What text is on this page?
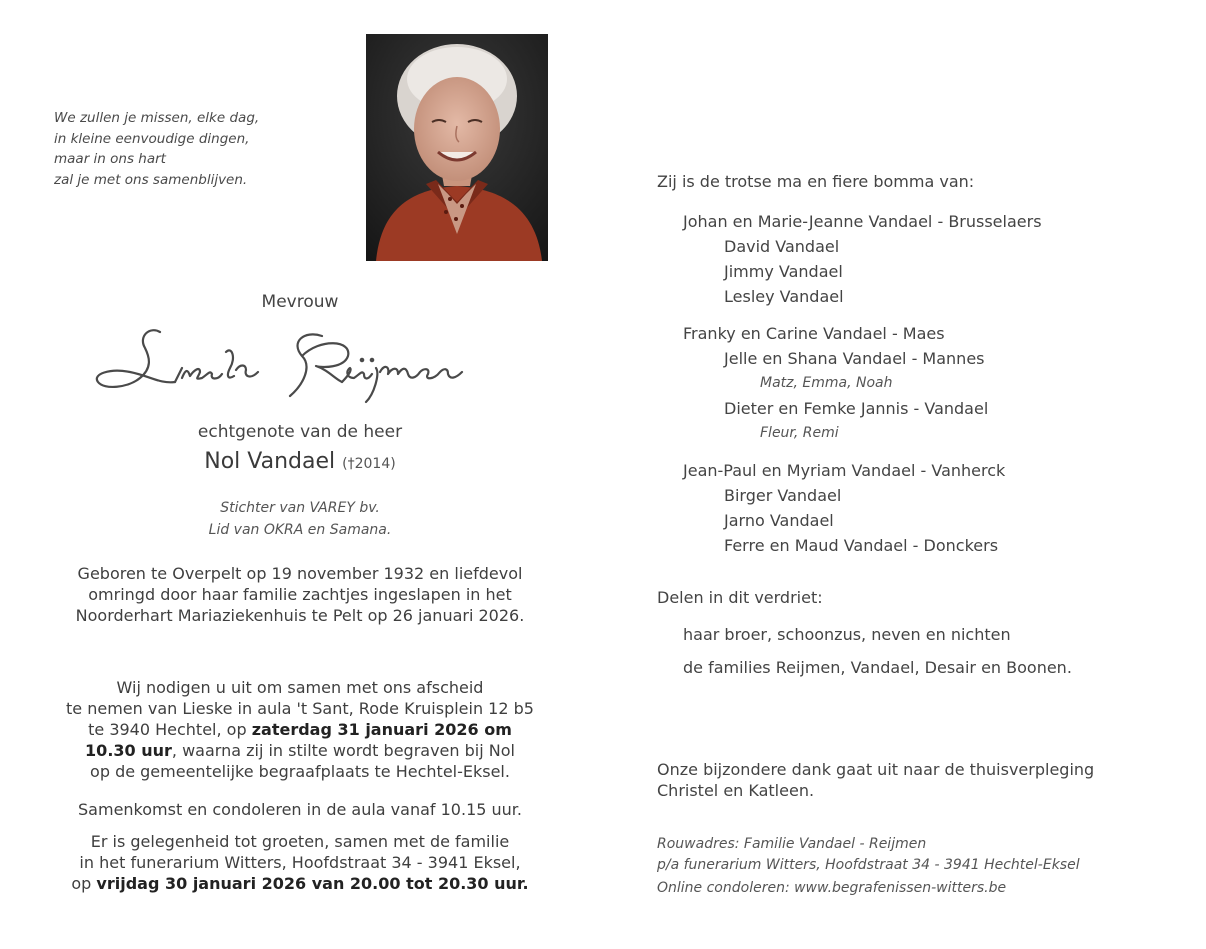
We zullen je missen, elke dag,
in kleine eenvoudige dingen,
maar in ons hart
zal je met ons samenblijven.
Mevrouw
echtgenote van de heer
Nol Vandael (†2014)
Stichter van VAREY bv.
Lid van OKRA en Samana.
Geboren te Overpelt op 19 november 1932 en liefdevol
omringd door haar familie zachtjes ingeslapen in het
Noorderhart Mariaziekenhuis te Pelt op 26 januari 2026.
Wij nodigen u uit om samen met ons afscheid
te nemen van Lieske in aula 't Sant, Rode Kruisplein 12 b5
te 3940 Hechtel, op zaterdag 31 januari 2026 om
10.30 uur, waarna zij in stilte wordt begraven bij Nol
op de gemeentelijke begraafplaats te Hechtel-Eksel.
Samenkomst en condoleren in de aula vanaf 10.15 uur.
Er is gelegenheid tot groeten, samen met de familie
in het funerarium Witters, Hoofdstraat 34 - 3941 Eksel,
op vrijdag 30 januari 2026 van 20.00 tot 20.30 uur.
Zij is de trotse ma en fiere bomma van:
Johan en Marie-Jeanne Vandael - Brusselaers
David Vandael
Jimmy Vandael
Lesley Vandael
Franky en Carine Vandael - Maes
Jelle en Shana Vandael - Mannes
Matz, Emma, Noah
Dieter en Femke Jannis - Vandael
Fleur, Remi
Jean-Paul en Myriam Vandael - Vanherck
Birger Vandael
Jarno Vandael
Ferre en Maud Vandael - Donckers
Delen in dit verdriet:
haar broer, schoonzus, neven en nichten
de families Reijmen, Vandael, Desair en Boonen.
Onze bijzondere dank gaat uit naar de thuisverpleging
Christel en Katleen.
Rouwadres: Familie Vandael - Reijmen
p/a funerarium Witters, Hoofdstraat 34 - 3941 Hechtel-Eksel
Online condoleren: www.begrafenissen-witters.be
